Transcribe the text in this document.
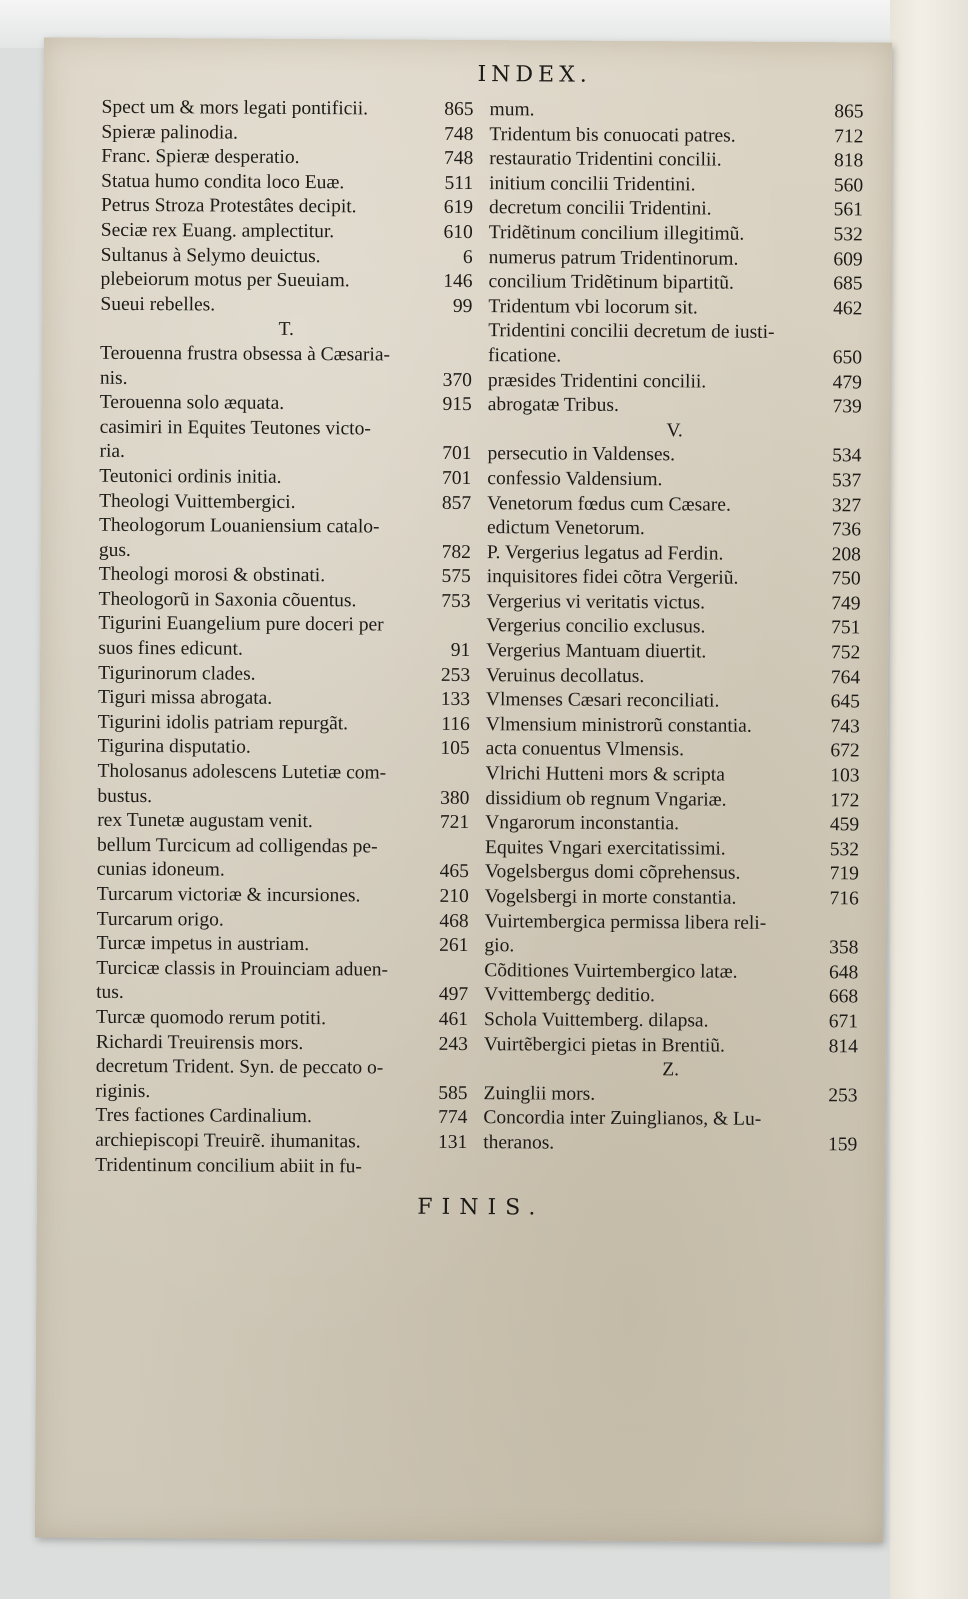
INDEX.
Spect um & mors legati pontificii.	865
Spieræ palinodia.	748
Franc. Spieræ desperatio.	748
Statua humo condita loco Euæ.	511
Petrus Stroza Protestâtes decipit.	619
Seciæ rex Euang. amplectitur.	610
Sultanus à Selymo deuictus.	6
plebeiorum motus per Sueuiam.	146
Sueui rebelles.	99
T.
Terouenna frustra obsessa à Cæsaria-
nis.	370
Terouenna solo æquata.	915
casimiri in Equites Teutones victo-
ria.	701
Teutonici ordinis initia.	701
Theologi Vuittembergici.	857
Theologorum Louaniensium catalo-
gus.	782
Theologi morosi & obstinati.	575
Theologorũ in Saxonia cõuentus.	753
Tigurini Euangelium pure doceri per
suos fines edicunt.	91
Tigurinorum clades.	253
Tiguri missa abrogata.	133
Tigurini idolis patriam repurgãt.	116
Tigurina disputatio.	105
Tholosanus adolescens Lutetiæ com-
bustus.	380
rex Tunetæ augustam venit.	721
bellum Turcicum ad colligendas pe-
cunias idoneum.	465
Turcarum victoriæ & incursiones.	210
Turcarum origo.	468
Turcæ impetus in austriam.	261
Turcicæ classis in Prouinciam aduen-
tus.	497
Turcæ quomodo rerum potiti.	461
Richardi Treuirensis mors.	243
decretum Trident. Syn. de peccato o-
riginis.	585
Tres factiones Cardinalium.	774
archiepiscopi Treuirẽ. ihumanitas.	131
Tridentinum concilium abiit in fu-
mum.	865
Tridentum bis conuocati patres.	712
restauratio Tridentini concilii.	818
initium concilii Tridentini.	560
decretum concilii Tridentini.	561
Tridẽtinum concilium illegitimũ.	532
numerus patrum Tridentinorum.	609
concilium Tridẽtinum bipartitũ.	685
Tridentum vbi locorum sit.	462
Tridentini concilii decretum de iusti-
ficatione.	650
præsides Tridentini concilii.	479
abrogatæ Tribus.	739
V.
persecutio in Valdenses.	534
confessio Valdensium.	537
Venetorum fœdus cum Cæsare.	327
edictum Venetorum.	736
P. Vergerius legatus ad Ferdin.	208
inquisitores fidei cõtra Vergeriũ.	750
Vergerius vi veritatis victus.	749
Vergerius concilio exclusus.	751
Vergerius Mantuam diuertit.	752
Veruinus decollatus.	764
Vlmenses Cæsari reconciliati.	645
Vlmensium ministrorũ constantia.	743
acta conuentus Vlmensis.	672
Vlrichi Hutteni mors & scripta	103
dissidium ob regnum Vngariæ.	172
Vngarorum inconstantia.	459
Equites Vngari exercitatissimi.	532
Vogelsbergus domi cõprehensus.	719
Vogelsbergi in morte constantia.	716
Vuirtembergica permissa libera reli-
gio.	358
Cõditiones Vuirtembergico latæ.	648
Vvittembergç deditio.	668
Schola Vuittemberg. dilapsa.	671
Vuirtẽbergici pietas in Brentiũ.	814
Z.
Zuinglii mors.	253
Concordia inter Zuinglianos, & Lu-
theranos.	159
FINIS.
